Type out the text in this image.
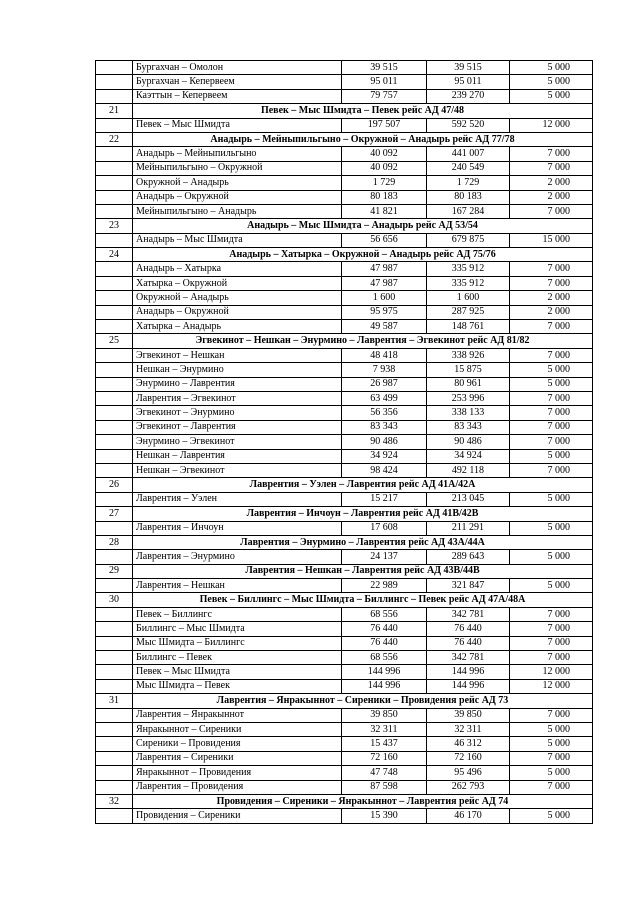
	Бургахчан – Омолон	39 515	39 515	5 000
	Бургахчан – Кепервеем	95 011	95 011	5 000
	Каэттын – Кепервеем	79 757	239 270	5 000
21	Певек – Мыс Шмидта – Певек рейс АД 47/48			
	Певек – Мыс Шмидта	197 507	592 520	12 000
22	Анадырь – Мейныпильгыно – Окружной – Анадырь рейс АД 77/78			
	Анадырь – Мейныпильгыно	40 092	441 007	7 000
	Мейныпильгыно – Окружной	40 092	240 549	7 000
	Окружной – Анадырь	1 729	1 729	2 000
	Анадырь – Окружной	80 183	80 183	2 000
	Мейныпильгыно – Анадырь	41 821	167 284	7 000
23	Анадырь – Мыс Шмидта – Анадырь рейс АД 53/54			
	Анадырь – Мыс Шмидта	56 656	679 875	15 000
24	Анадырь – Хатырка – Окружной – Анадырь рейс АД 75/76			
	Анадырь – Хатырка	47 987	335 912	7 000
	Хатырка – Окружной	47 987	335 912	7 000
	Окружной – Анадырь	1 600	1 600	2 000
	Анадырь – Окружной	95 975	287 925	2 000
	Хатырка – Анадырь	49 587	148 761	7 000
25	Эгвекинот – Нешкан – Энурмино – Лаврентия – Эгвекинот рейс АД 81/82			
	Эгвекинот – Нешкан	48 418	338 926	7 000
	Нешкан – Энурмино	7 938	15 875	5 000
	Энурмино – Лаврентия	26 987	80 961	5 000
	Лаврентия – Эгвекинот	63 499	253 996	7 000
	Эгвекинот – Энурмино	56 356	338 133	7 000
	Эгвекинот – Лаврентия	83 343	83 343	7 000
	Энурмино – Эгвекинот	90 486	90 486	7 000
	Нешкан – Лаврентия	34 924	34 924	5 000
	Нешкан – Эгвекинот	98 424	492 118	7 000
26	Лаврентия – Уэлен – Лаврентия рейс АД 41А/42А			
	Лаврентия – Уэлен	15 217	213 045	5 000
27	Лаврентия – Инчоун – Лаврентия рейс АД 41В/42В			
	Лаврентия – Инчоун	17 608	211 291	5 000
28	Лаврентия – Энурмино – Лаврентия рейс АД 43А/44А			
	Лаврентия – Энурмино	24 137	289 643	5 000
29	Лаврентия – Нешкан – Лаврентия рейс АД 43В/44В			
	Лаврентия – Нешкан	22 989	321 847	5 000
30	Певек – Биллингс – Мыс Шмидта – Биллингс – Певек рейс АД 47А/48А			
	Певек – Биллингс	68 556	342 781	7 000
	Биллингс – Мыс Шмидта	76 440	76 440	7 000
	Мыс Шмидта – Биллингс	76 440	76 440	7 000
	Биллингс – Певек	68 556	342 781	7 000
	Певек – Мыс Шмидта	144 996	144 996	12 000
	Мыс Шмидта – Певек	144 996	144 996	12 000
31	Лаврентия – Янракыннот – Сиреники – Провидения рейс АД 73			
	Лаврентия – Янракыннот	39 850	39 850	7 000
	Янракыннот – Сиреники	32 311	32 311	5 000
	Сиреники – Провидения	15 437	46 312	5 000
	Лаврентия – Сиреники	72 160	72 160	7 000
	Янракыннот – Провидения	47 748	95 496	5 000
	Лаврентия – Провидения	87 598	262 793	7 000
32	Провидения – Сиреники – Янракыннот – Лаврентия рейс АД 74			
	Провидения – Сиреники	15 390	46 170	5 000
